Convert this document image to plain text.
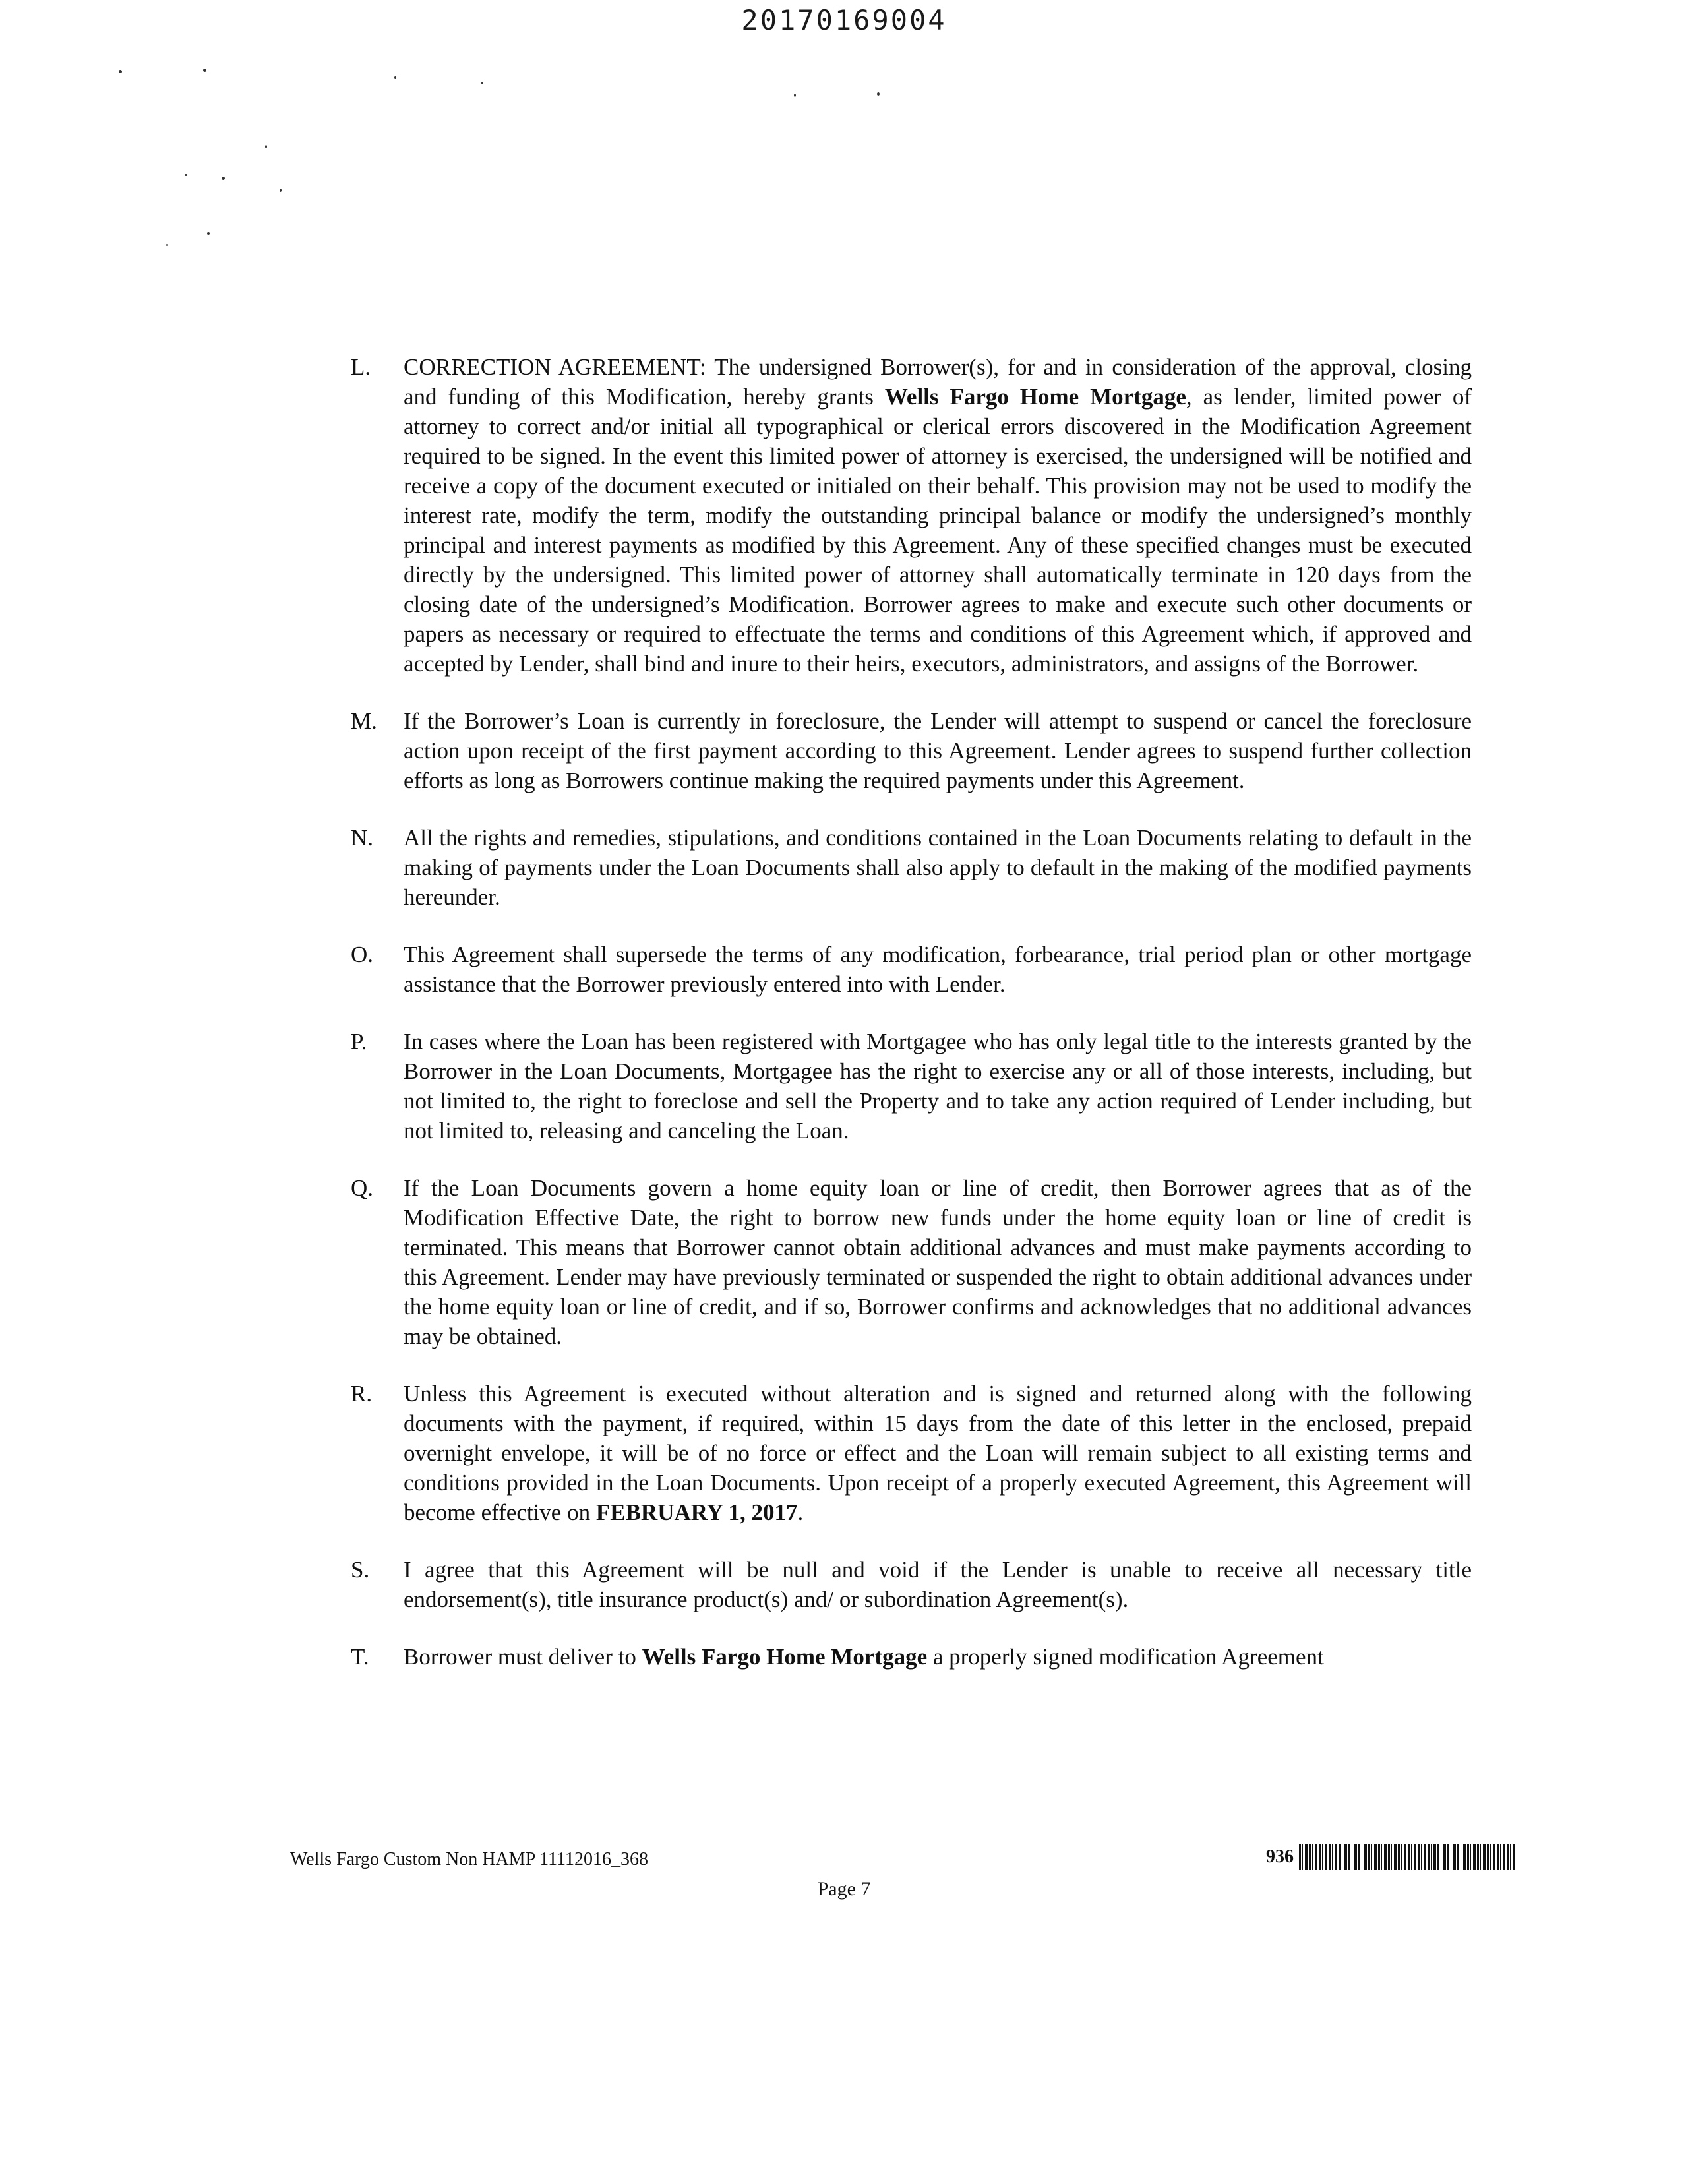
20170169004
L.	CORRECTION AGREEMENT: The undersigned Borrower(s), for and in consideration of the approval, closing and funding of this Modification, hereby grants Wells Fargo Home Mortgage, as lender, limited power of attorney to correct and/or initial all typographical or clerical errors discovered in the Modification Agreement required to be signed. In the event this limited power of attorney is exercised, the undersigned will be notified and receive a copy of the document executed or initialed on their behalf. This provision may not be used to modify the interest rate, modify the term, modify the outstanding principal balance or modify the undersigned’s monthly principal and interest payments as modified by this Agreement. Any of these specified changes must be executed directly by the undersigned. This limited power of attorney shall automatically terminate in 120 days from the closing date of the undersigned’s Modification. Borrower agrees to make and execute such other documents or papers as necessary or required to effectuate the terms and conditions of this Agreement which, if approved and accepted by Lender, shall bind and inure to their heirs, executors, administrators, and assigns of the Borrower.
M.	If the Borrower’s Loan is currently in foreclosure, the Lender will attempt to suspend or cancel the foreclosure action upon receipt of the first payment according to this Agreement. Lender agrees to suspend further collection efforts as long as Borrowers continue making the required payments under this Agreement.
N.	All the rights and remedies, stipulations, and conditions contained in the Loan Documents relating to default in the making of payments under the Loan Documents shall also apply to default in the making of the modified payments hereunder.
O.	This Agreement shall supersede the terms of any modification, forbearance, trial period plan or other mortgage assistance that the Borrower previously entered into with Lender.
P.	In cases where the Loan has been registered with Mortgagee who has only legal title to the interests granted by the Borrower in the Loan Documents, Mortgagee has the right to exercise any or all of those interests, including, but not limited to, the right to foreclose and sell the Property and to take any action required of Lender including, but not limited to, releasing and canceling the Loan.
Q.	If the Loan Documents govern a home equity loan or line of credit, then Borrower agrees that as of the Modification Effective Date, the right to borrow new funds under the home equity loan or line of credit is terminated. This means that Borrower cannot obtain additional advances and must make payments according to this Agreement. Lender may have previously terminated or suspended the right to obtain additional advances under the home equity loan or line of credit, and if so, Borrower confirms and acknowledges that no additional advances may be obtained.
R.	Unless this Agreement is executed without alteration and is signed and returned along with the following documents with the payment, if required, within 15 days from the date of this letter in the enclosed, prepaid overnight envelope, it will be of no force or effect and the Loan will remain subject to all existing terms and conditions provided in the Loan Documents. Upon receipt of a properly executed Agreement, this Agreement will become effective on FEBRUARY 1, 2017.
S.	I agree that this Agreement will be null and void if the Lender is unable to receive all necessary title endorsement(s), title insurance product(s) and/ or subordination Agreement(s).
T.	Borrower must deliver to Wells Fargo Home Mortgage a properly signed modification Agreement
Wells Fargo Custom Non HAMP 11112016_368	936
Page 7
